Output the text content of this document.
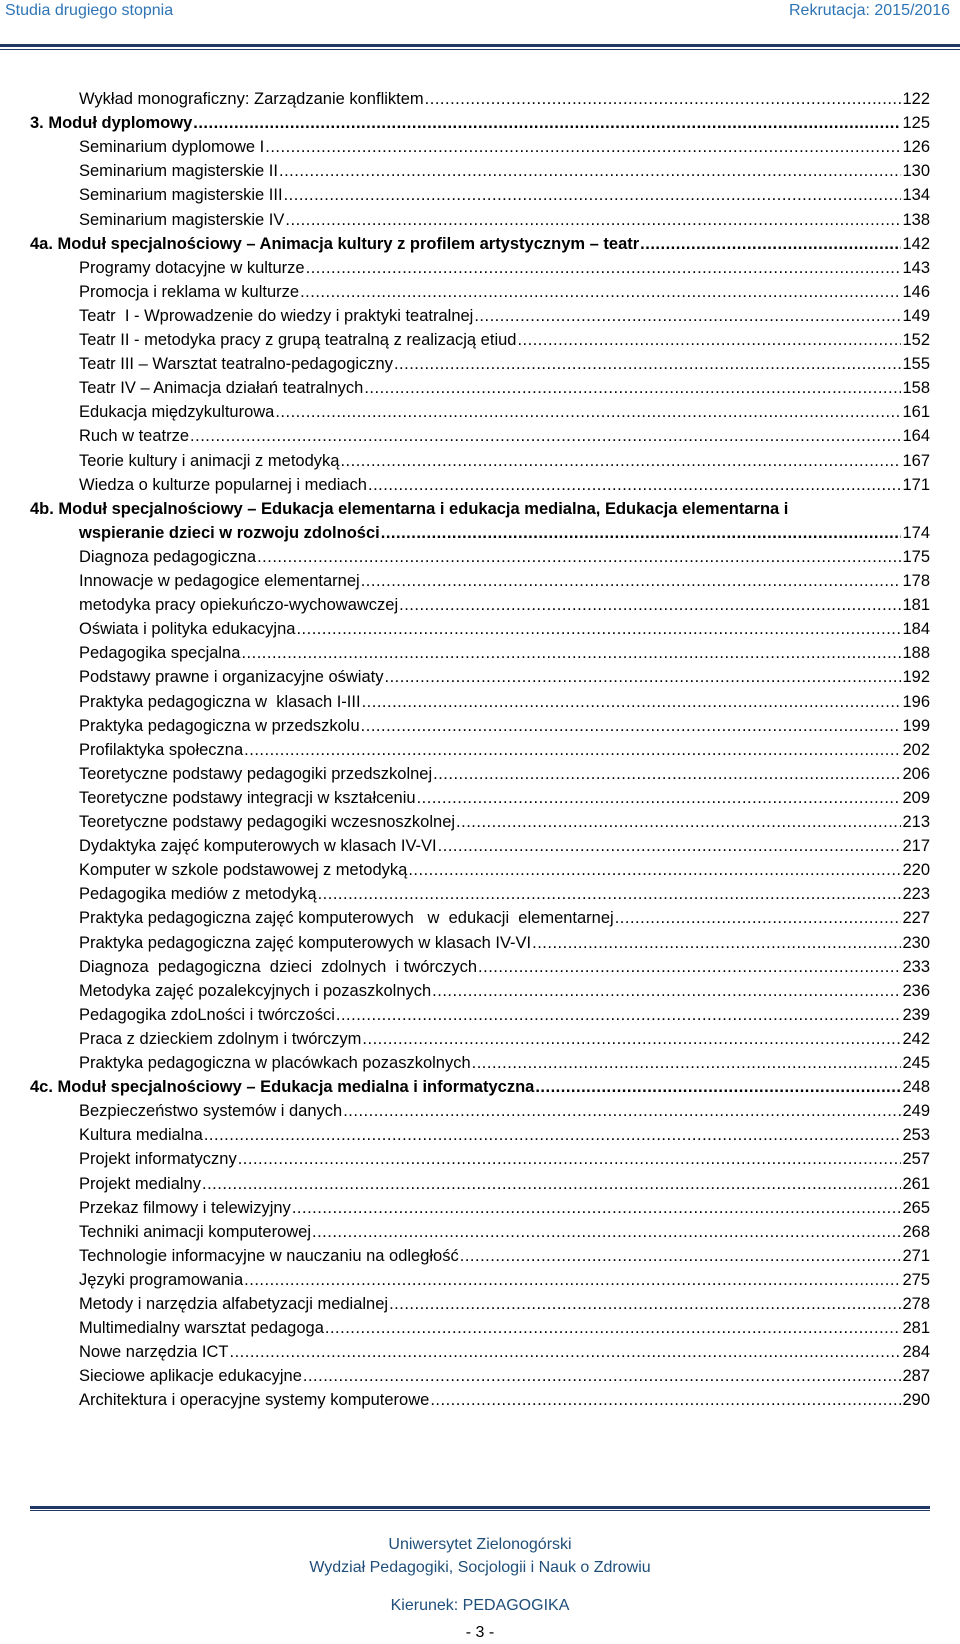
Studia drugiego stopnia	Rekrutacja: 2015/2016
Wykład monograficzny: Zarządzanie konfliktem .....	122
3. Moduł dyplomowy .....	125
Seminarium dyplomowe I .....	126
Seminarium magisterskie II .....	130
Seminarium magisterskie III .....	134
Seminarium magisterskie IV .....	138
4a. Moduł specjalnościowy – Animacja kultury z profilem artystycznym – teatr .....	142
Programy dotacyjne w kulturze .....	143
Promocja i reklama w kulturze .....	146
Teatr  I - Wprowadzenie do wiedzy i praktyki teatralnej .....	149
Teatr II - metodyka pracy z grupą teatralną z realizacją etiud .....	152
Teatr III – Warsztat teatralno-pedagogiczny .....	155
Teatr IV – Animacja działań teatralnych .....	158
Edukacja międzykulturowa .....	161
Ruch w teatrze .....	164
Teorie kultury i animacji z metodyką .....	167
Wiedza o kulturze popularnej i mediach .....	171
4b. Moduł specjalnościowy – Edukacja elementarna i edukacja medialna, Edukacja elementarna i
wspieranie dzieci w rozwoju zdolności .....	174
Diagnoza pedagogiczna .....	175
Innowacje w pedagogice elementarnej .....	178
metodyka pracy opiekuńczo-wychowawczej .....	181
Oświata i polityka edukacyjna .....	184
Pedagogika specjalna .....	188
Podstawy prawne i organizacyjne oświaty .....	192
Praktyka pedagogiczna w  klasach I-III .....	196
Praktyka pedagogiczna w przedszkolu .....	199
Profilaktyka społeczna .....	202
Teoretyczne podstawy pedagogiki przedszkolnej .....	206
Teoretyczne podstawy integracji w kształceniu .....	209
Teoretyczne podstawy pedagogiki wczesnoszkolnej .....	213
Dydaktyka zajęć komputerowych w klasach IV-VI .....	217
Komputer w szkole podstawowej z metodyką .....	220
Pedagogika mediów z metodyką .....	223
Praktyka pedagogiczna zajęć komputerowych   w  edukacji  elementarnej .....	227
Praktyka pedagogiczna zajęć komputerowych w klasach IV-VI .....	230
Diagnoza  pedagogiczna  dzieci  zdolnych  i twórczych .....	233
Metodyka zajęć pozalekcyjnych i pozaszkolnych .....	236
Pedagogika zdoLności i twórczości .....	239
Praca z dzieckiem zdolnym i twórczym .....	242
Praktyka pedagogiczna w placówkach pozaszkolnych .....	245
4c. Moduł specjalnościowy – Edukacja medialna i informatyczna .....	248
Bezpieczeństwo systemów i danych .....	249
Kultura medialna .....	253
Projekt informatyczny .....	257
Projekt medialny .....	261
Przekaz filmowy i telewizyjny .....	265
Techniki animacji komputerowej .....	268
Technologie informacyjne w nauczaniu na odległość .....	271
Języki programowania .....	275
Metody i narzędzia alfabetyzacji medialnej .....	278
Multimedialny warsztat pedagoga .....	281
Nowe narzędzia ICT .....	284
Sieciowe aplikacje edukacyjne .....	287
Architektura i operacyjne systemy komputerowe .....	290
Uniwersytet Zielonogórski
Wydział Pedagogiki, Socjologii i Nauk o Zdrowiu
Kierunek: PEDAGOGIKA
- 3 -
